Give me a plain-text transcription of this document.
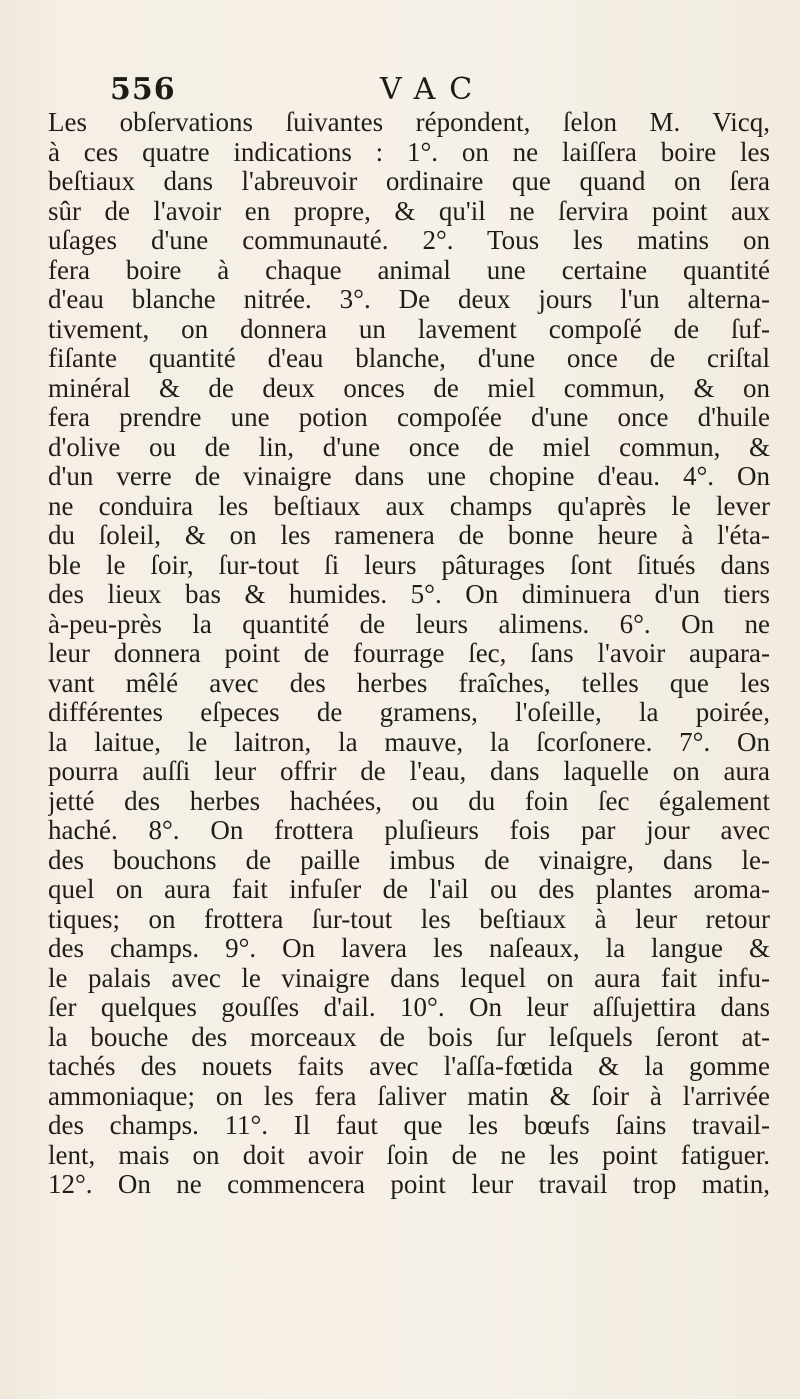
556	VAC
Les obſervations ſuivantes répondent, ſelon M. Vicq,
à ces quatre indications : 1°. on ne laiſſera boire les
beſtiaux dans l'abreuvoir ordinaire que quand on ſera
sûr de l'avoir en propre, & qu'il ne ſervira point aux
uſages d'une communauté. 2°. Tous les matins on
fera boire à chaque animal une certaine quantité
d'eau blanche nitrée. 3°. De deux jours l'un alterna-
tivement, on donnera un lavement compoſé de ſuf-
fiſante quantité d'eau blanche, d'une once de criſtal
minéral & de deux onces de miel commun, & on
fera prendre une potion compoſée d'une once d'huile
d'olive ou de lin, d'une once de miel commun, &
d'un verre de vinaigre dans une chopine d'eau. 4°. On
ne conduira les beſtiaux aux champs qu'après le lever
du ſoleil, & on les ramenera de bonne heure à l'éta-
ble le ſoir, ſur-tout ſi leurs pâturages ſont ſitués dans
des lieux bas & humides. 5°. On diminuera d'un tiers
à-peu-près la quantité de leurs alimens. 6°. On ne
leur donnera point de fourrage ſec, ſans l'avoir aupara-
vant mêlé avec des herbes fraîches, telles que les
différentes eſpeces de gramens, l'oſeille, la poirée,
la laitue, le laitron, la mauve, la ſcorſonere. 7°. On
pourra auſſi leur offrir de l'eau, dans laquelle on aura
jetté des herbes hachées, ou du foin ſec également
haché. 8°. On frottera pluſieurs fois par jour avec
des bouchons de paille imbus de vinaigre, dans le-
quel on aura fait infuſer de l'ail ou des plantes aroma-
tiques; on frottera ſur-tout les beſtiaux à leur retour
des champs. 9°. On lavera les naſeaux, la langue &
le palais avec le vinaigre dans lequel on aura fait infu-
ſer quelques gouſſes d'ail. 10°. On leur aſſujettira dans
la bouche des morceaux de bois ſur leſquels ſeront at-
tachés des nouets faits avec l'aſſa-fœtida & la gomme
ammoniaque; on les fera ſaliver matin & ſoir à l'arrivée
des champs. 11°. Il faut que les bœufs ſains travail-
lent, mais on doit avoir ſoin de ne les point fatiguer.
12°. On ne commencera point leur travail trop matin,
